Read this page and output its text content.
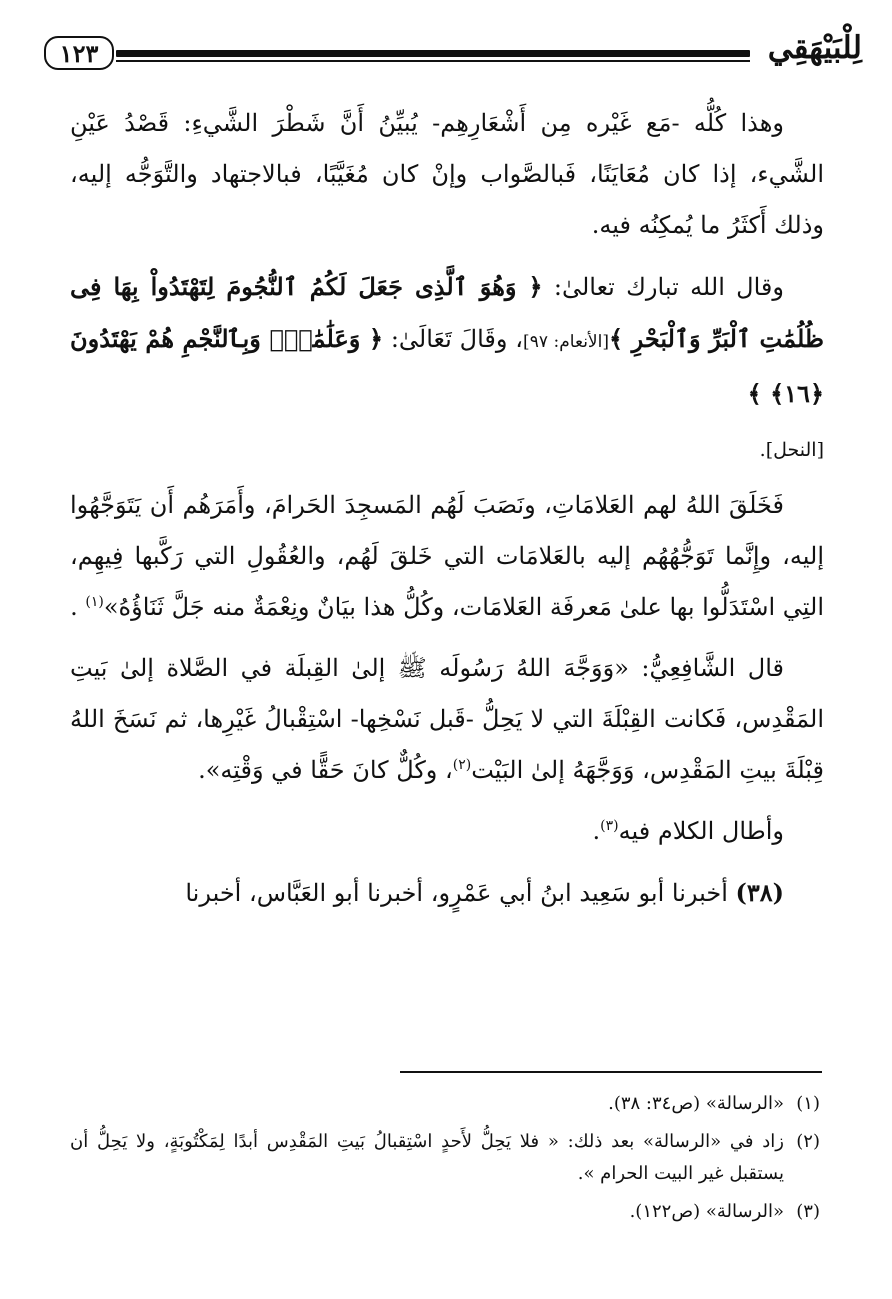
لِلْبَيْهَقِي
١٢٣

وهذا كُلُّه -مَع غَيْره مِن أَشْعَارِهِم- يُبيِّنُ أَنَّ شَطْرَ الشَّيءِ: قَصْدُ عَيْنِ الشَّيء، إذا كان مُعَايَنًا، فَبالصَّواب وإنْ كان مُغَيَّبًا، فبالاجتهاد والتَّوَجُّه إليه، وذلك أَكثَرُ ما يُمكِنُه فيه.

وقال الله تبارك تعالىٰ: ﴿ وَهُوَ ٱلَّذِى جَعَلَ لَكُمُ ٱلنُّجُومَ لِتَهْتَدُواْ بِهَا فِى ظُلُمَٰتِ ٱلْبَرِّ وَٱلْبَحْرِ ﴾[الأنعام: ٩٧]، وقَالَ تَعَالَىٰ: ﴿ وَعَلَٰمَٰتٍۚ وَبِٱلنَّجْمِ هُمْ يَهْتَدُونَ ﴿١٦﴾ ﴾

[النحل].

فَخَلَقَ اللهُ لهم العَلامَاتِ، ونَصَبَ لَهُم المَسجِدَ الحَرامَ، وأَمَرَهُم أَن يَتَوَجَّهُوا إليه، وإِنَّما تَوَجُّهُهُم إليه بالعَلامَات التي خَلقَ لَهُم، والعُقُولِ التي رَكَّبها فِيهِم، التِي اسْتَدَلُّوا بها علىٰ مَعرفَة العَلامَات، وكُلُّ هذا بيَانٌ ونِعْمَةٌ منه جَلَّ ثَنَاؤُهُ»$^{(١)}$ .

قال الشَّافِعِيُّ: «وَوَجَّهَ اللهُ رَسُولَه ﷺ إلىٰ القِبلَة في الصَّلاة إلىٰ بَيتِ المَقْدِس، فَكانت القِبْلَةَ التي لا يَحِلُّ -قَبل نَسْخِها- اسْتِقْبالُ غَيْرِها، ثم نَسَخَ اللهُ قِبْلَةَ بيتِ المَقْدِس، وَوَجَّهَهُ إلىٰ البَيْت$^{(٢)}$، وكُلٌّ كانَ حَقًّا في وَقْتِه».

وأطال الكلام فيه$^{(٣)}$.

(٣٨) أخبرنا أبو سَعِيد ابنُ أبي عَمْرٍو، أخبرنا أبو العَبَّاس، أخبرنا

(١)
«الرسالة» (ص٣٤: ٣٨).

(٢)
زاد في «الرسالة» بعد ذلك: « فلا يَحِلُّ لأَحدٍ اسْتِقبالُ بَيتِ المَقْدِس أبدًا لِمَكْتُوبَةٍ، ولا يَحِلُّ أن يستقبل غير البيت الحرام ».

(٣)
«الرسالة» (ص١٢٢).
